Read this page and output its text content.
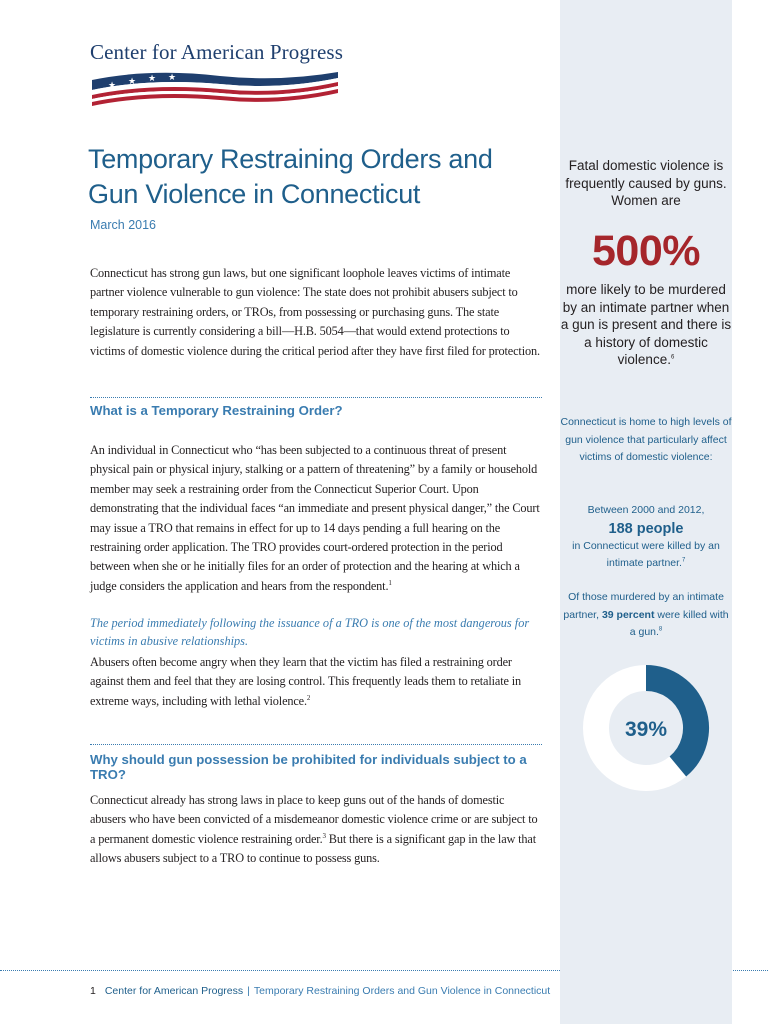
Center for American Progress
★ ★ ★ ★
Temporary Restraining Orders and Gun Violence in Connecticut
March 2016

Connecticut has strong gun laws, but one significant loophole leaves victims of intimate partner violence vulnerable to gun violence: The state does not prohibit abusers subject to temporary restraining orders, or TROs, from possessing or purchasing guns. The state legislature is currently considering a bill—H.B. 5054—that would extend protections to victims of domestic violence during the critical period after they have first filed for protection.

What is a Temporary Restraining Order?

An individual in Connecticut who “has been subjected to a continuous threat of present physical pain or physical injury, stalking or a pattern of threatening” by a family or household member may seek a restraining order from the Connecticut Superior Court. Upon demonstrating that the individual faces “an immediate and present physical danger,” the Court may issue a TRO that remains in effect for up to 14 days pending a full hearing on the restraining order application. The TRO provides court-ordered protection in the period between when she or he initially files for an order of protection and the hearing at which a judge considers the application and hears from the respondent.$^1$

The period immediately following the issuance of a TRO is one of the most dangerous for victims in abusive relationships.

Abusers often become angry when they learn that the victim has filed a restraining order against them and feel that they are losing control. This frequently leads them to retaliate in extreme ways, including with lethal violence.$^2$

Why should gun possession be prohibited for individuals subject to a TRO?

Connecticut already has strong laws in place to keep guns out of the hands of domestic abusers who have been convicted of a misdemeanor domestic violence crime or are subject to a permanent domestic violence restraining order.$^3$ But there is a significant gap in the law that allows abusers subject to a TRO to continue to possess guns.

1 Center for American Progress | Temporary Restraining Orders and Gun Violence in Connecticut
Fatal domestic violence is frequently caused by guns. Women are
500%
more likely to be murdered by an intimate partner when a gun is present and there is a history of domestic violence.$^6$
Connecticut is home to high levels of gun violence that particularly affect victims of domestic violence:
Between 2000 and 2012,
188 people
in Connecticut were killed by an intimate partner.$^7$
Of those murdered by an intimate partner, 39 percent were killed with a gun.$^8$
39%
